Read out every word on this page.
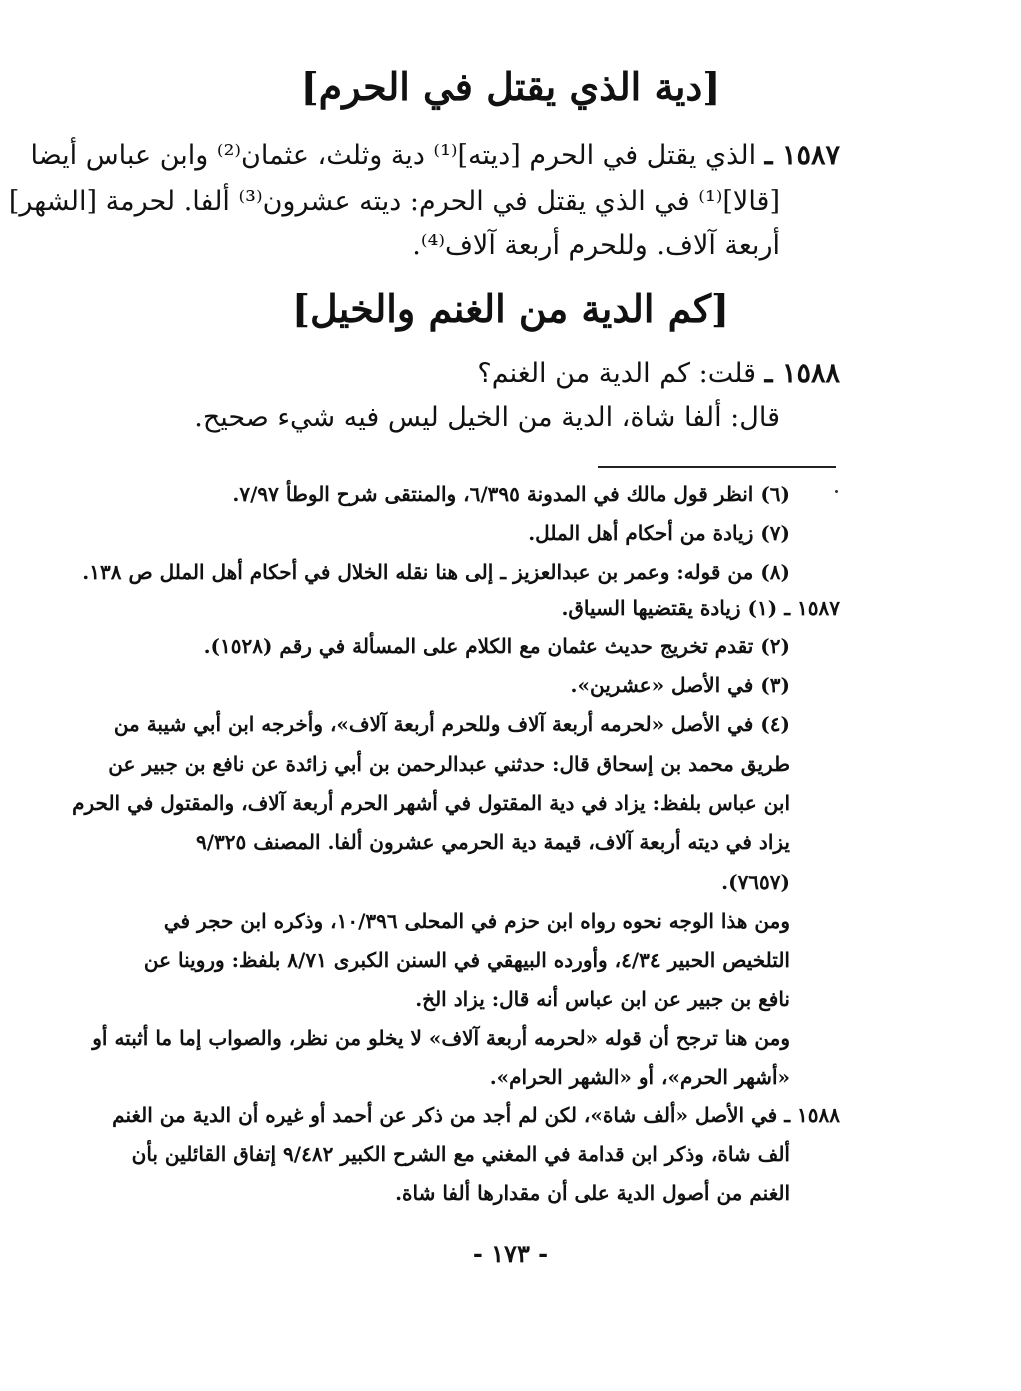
[دية الذي يقتل في الحرم]
١٥٨٧ ـ الذي يقتل في الحرم [ديته]⁽¹⁾ دية وثلث، عثمان⁽²⁾ وابن عباس أيضا
[قالا]⁽¹⁾ في الذي يقتل في الحرم: ديته عشرون⁽³⁾ ألفا. لحرمة [الشهر]
أربعة آلاف. وللحرم أربعة آلاف⁽⁴⁾.
[كم الدية من الغنم والخيل]
١٥٨٨ ـ قلت: كم الدية من الغنم؟
قال: ألفا شاة، الدية من الخيل ليس فيه شيء صحيح.
(٦) انظر قول مالك في المدونة ٦/٣٩٥، والمنتقى شرح الوطأ ٧/٩٧.
(٧) زيادة من أحكام أهل الملل.
(٨) من قوله: وعمر بن عبدالعزيز ـ إلى هنا نقله الخلال في أحكام أهل الملل ص ١٣٨.
١٥٨٧ ـ (١) زيادة يقتضيها السياق.
(٢) تقدم تخريج حديث عثمان مع الكلام على المسألة في رقم (١٥٢٨).
(٣) في الأصل «عشرين».
(٤) في الأصل «لحرمه أربعة آلاف وللحرم أربعة آلاف»، وأخرجه ابن أبي شيبة من
طريق محمد بن إسحاق قال: حدثني عبدالرحمن بن أبي زائدة عن نافع بن جبير عن
ابن عباس بلفظ: يزاد في دية المقتول في أشهر الحرم أربعة آلاف، والمقتول في الحرم
يزاد في ديته أربعة آلاف، قيمة دية الحرمي عشرون ألفا. المصنف ٩/٣٢٥
(٧٦٥٧).
ومن هذا الوجه نحوه رواه ابن حزم في المحلى ١٠/٣٩٦، وذكره ابن حجر في
التلخيص الحبير ٤/٣٤، وأورده البيهقي في السنن الكبرى ٨/٧١ بلفظ: وروينا عن
نافع بن جبير عن ابن عباس أنه قال: يزاد الخ.
ومن هنا ترجح أن قوله «لحرمه أربعة آلاف» لا يخلو من نظر، والصواب إما ما أثبته أو
«أشهر الحرم»، أو «الشهر الحرام».
١٥٨٨ ـ في الأصل «ألف شاة»، لكن لم أجد من ذكر عن أحمد أو غيره أن الدية من الغنم
ألف شاة، وذكر ابن قدامة في المغني مع الشرح الكبير ٩/٤٨٢ إتفاق القائلين بأن
الغنم من أصول الدية على أن مقدارها ألفا شاة.
- ١٧٣ -
